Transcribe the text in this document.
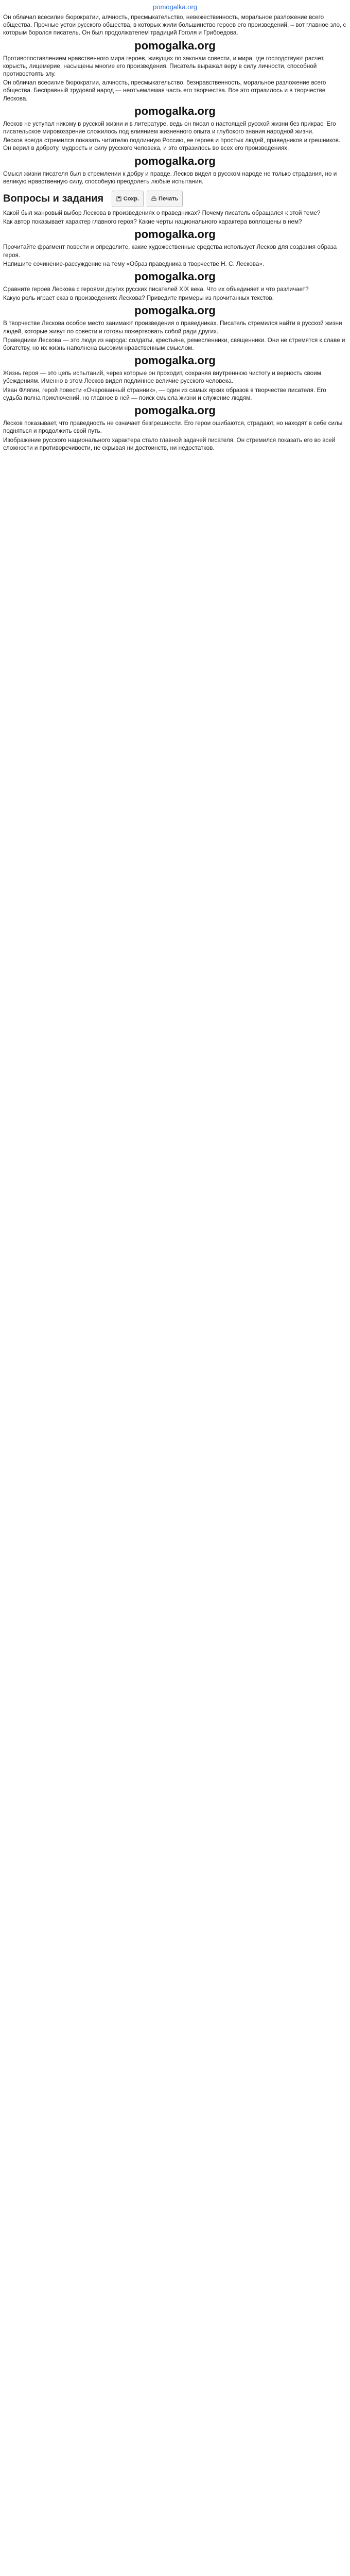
pomogalka.org

Он облачал всесилие бюрократии, алчность, пресмыкательство, невежественность, моральное разложение всего общества. Прочные устои русского общества, в которых жили большинство героев его произведений, – вот главное зло, с которым боролся писатель. Он был продолжателем традиций Гоголя и Грибоедова.

pomogalka.org

Противопоставлением нравственного мира героев, живущих по законам совести, и мира, где господствуют расчет, корысть, лицемерие, насыщены многие его произведения. Писатель выражал веру в силу личности, способной противостоять злу.

Он обличал всесилие бюрократии, алчность, пресмыкательство, безнравственность, моральное разложение всего общества. Бесправный трудовой народ — неотъемлемая часть его творчества. Все это отразилось и в творчестве Лескова.

pomogalka.org

Лесков не уступал никому в русской жизни и в литературе, ведь он писал о настоящей русской жизни без прикрас. Его писательское мировоззрение сложилось под влиянием жизненного опыта и глубокого знания народной жизни.

Лесков всегда стремился показать читателю подлинную Россию, ее героев и простых людей, праведников и грешников. Он верил в доброту, мудрость и силу русского человека, и это отразилось во всех его произведениях.

pomogalka.org

Смысл жизни писателя был в стремлении к добру и правде. Лесков видел в русском народе не только страдания, но и великую нравственную силу, способную преодолеть любые испытания.

Вопросы и задания	Сохр.	Печать

Какой был жанровый выбор Лескова в произведениях о праведниках? Почему писатель обращался к этой теме?

Как автор показывает характер главного героя? Какие черты национального характера воплощены в нем?

pomogalka.org

Прочитайте фрагмент повести и определите, какие художественные средства использует Лесков для создания образа героя.

Напишите сочинение-рассуждение на тему «Образ праведника в творчестве Н. С. Лескова».

pomogalka.org

Сравните героев Лескова с героями других русских писателей XIX века. Что их объединяет и что различает?

Какую роль играет сказ в произведениях Лескова? Приведите примеры из прочитанных текстов.

pomogalka.org

В творчестве Лескова особое место занимают произведения о праведниках. Писатель стремился найти в русской жизни людей, которые живут по совести и готовы пожертвовать собой ради других.

Праведники Лескова — это люди из народа: солдаты, крестьяне, ремесленники, священники. Они не стремятся к славе и богатству, но их жизнь наполнена высоким нравственным смыслом.

pomogalka.org

Жизнь героя — это цепь испытаний, через которые он проходит, сохраняя внутреннюю чистоту и верность своим убеждениям. Именно в этом Лесков видел подлинное величие русского человека.

Иван Флягин, герой повести «Очарованный странник», — один из самых ярких образов в творчестве писателя. Его судьба полна приключений, но главное в ней — поиск смысла жизни и служение людям.

pomogalka.org

Лесков показывает, что праведность не означает безгрешности. Его герои ошибаются, страдают, но находят в себе силы подняться и продолжить свой путь.

Изображение русского национального характера стало главной задачей писателя. Он стремился показать его во всей сложности и противоречивости, не скрывая ни достоинств, ни недостатков.
